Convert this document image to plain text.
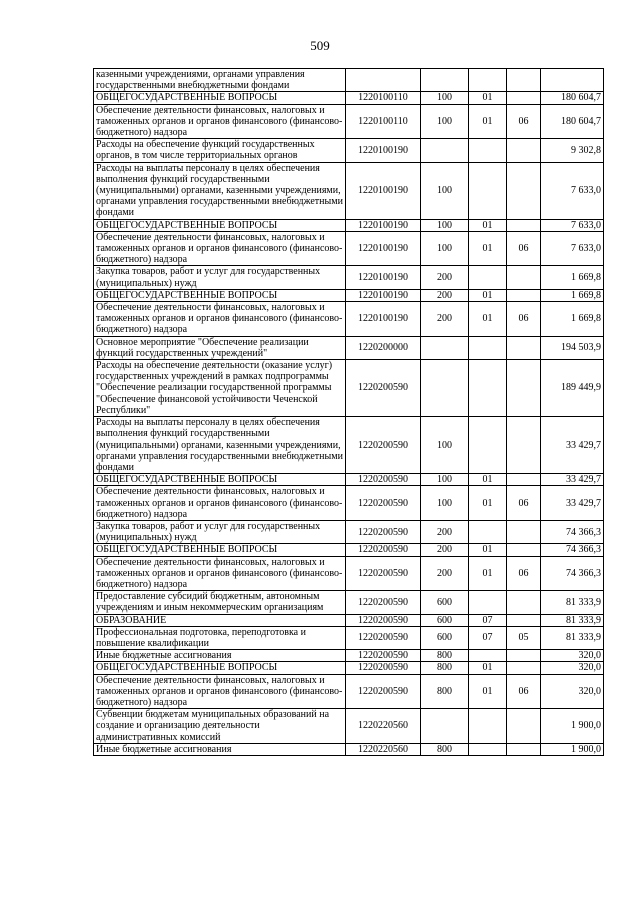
509
казенными учреждениями, органами управления государственными внебюджетными фондами					
ОБЩЕГОСУДАРСТВЕННЫЕ ВОПРОСЫ	1220100110	100	01		180 604,7
Обеспечение деятельности финансовых, налоговых и таможенных органов и органов финансового (финансово-бюджетного) надзора	1220100110	100	01	06	180 604,7
Расходы на обеспечение функций государственных органов, в том числе территориальных органов	1220100190				9 302,8
Расходы на выплаты персоналу в целях обеспечения выполнения функций государственными (муниципальными) органами, казенными учреждениями, органами управления государственными внебюджетными фондами	1220100190	100			7 633,0
ОБЩЕГОСУДАРСТВЕННЫЕ ВОПРОСЫ	1220100190	100	01		7 633,0
Обеспечение деятельности финансовых, налоговых и таможенных органов и органов финансового (финансово-бюджетного) надзора	1220100190	100	01	06	7 633,0
Закупка товаров, работ и услуг для государственных (муниципальных) нужд	1220100190	200			1 669,8
ОБЩЕГОСУДАРСТВЕННЫЕ ВОПРОСЫ	1220100190	200	01		1 669,8
Обеспечение деятельности финансовых, налоговых и таможенных органов и органов финансового (финансово-бюджетного) надзора	1220100190	200	01	06	1 669,8
Основное мероприятие "Обеспечение реализации функций государственных учреждений"	1220200000				194 503,9
Расходы на обеспечение деятельности (оказание услуг) государственных учреждений в рамках подпрограммы "Обеспечение реализации государственной программы "Обеспечение финансовой устойчивости Чеченской Республики"	1220200590				189 449,9
Расходы на выплаты персоналу в целях обеспечения выполнения функций государственными (муниципальными) органами, казенными учреждениями, органами управления государственными внебюджетными фондами	1220200590	100			33 429,7
ОБЩЕГОСУДАРСТВЕННЫЕ ВОПРОСЫ	1220200590	100	01		33 429,7
Обеспечение деятельности финансовых, налоговых и таможенных органов и органов финансового (финансово-бюджетного) надзора	1220200590	100	01	06	33 429,7
Закупка товаров, работ и услуг для государственных (муниципальных) нужд	1220200590	200			74 366,3
ОБЩЕГОСУДАРСТВЕННЫЕ ВОПРОСЫ	1220200590	200	01		74 366,3
Обеспечение деятельности финансовых, налоговых и таможенных органов и органов финансового (финансово-бюджетного) надзора	1220200590	200	01	06	74 366,3
Предоставление субсидий бюджетным, автономным учреждениям и иным некоммерческим организациям	1220200590	600			81 333,9
ОБРАЗОВАНИЕ	1220200590	600	07		81 333,9
Профессиональная подготовка, переподготовка и повышение квалификации	1220200590	600	07	05	81 333,9
Иные бюджетные ассигнования	1220200590	800			320,0
ОБЩЕГОСУДАРСТВЕННЫЕ ВОПРОСЫ	1220200590	800	01		320,0
Обеспечение деятельности финансовых, налоговых и таможенных органов и органов финансового (финансово-бюджетного) надзора	1220200590	800	01	06	320,0
Субвенции бюджетам муниципальных образований на создание и организацию деятельности административных комиссий	1220220560				1 900,0
Иные бюджетные ассигнования	1220220560	800			1 900,0
